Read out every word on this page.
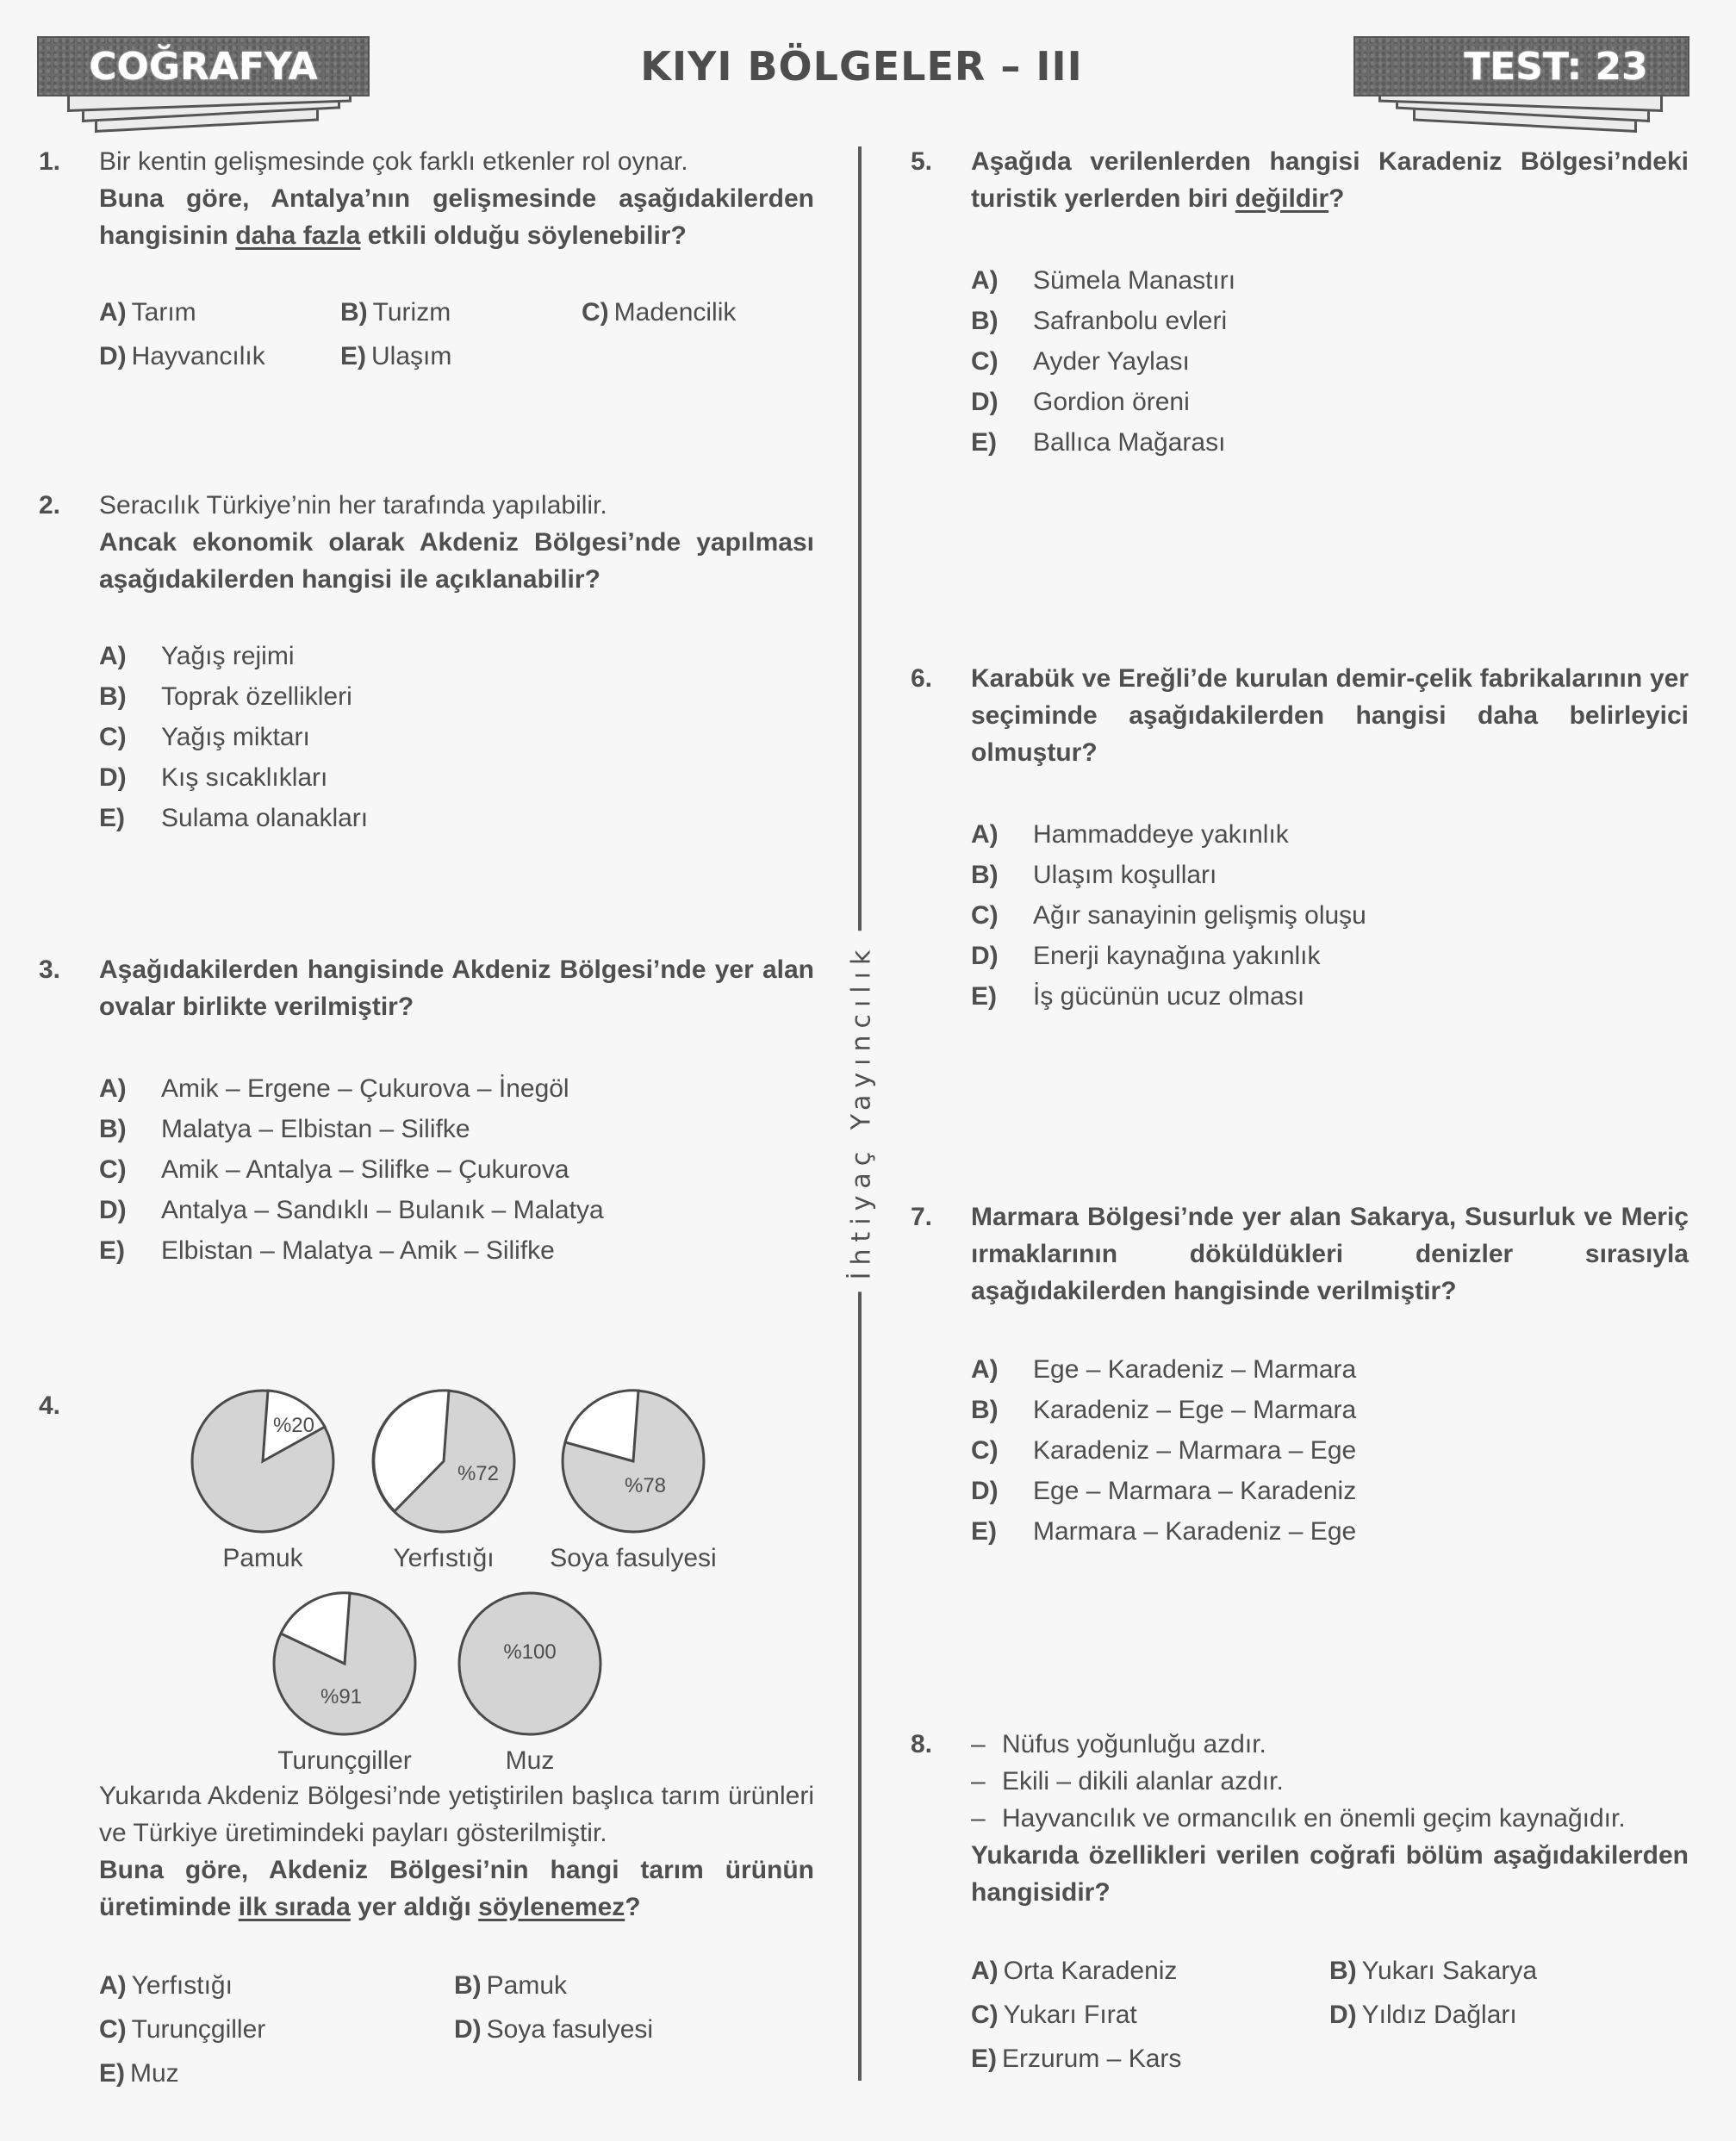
COĞRAFYA	KIYI BÖLGELER – III	TEST: 23
İhtiyaç Yayıncılık
1. Bir kentin gelişmesinde çok farklı etkenler rol oynar.
Buna göre, Antalya’nın gelişmesinde aşağıdakilerden hangisinin daha fazla etkili olduğu söylenebilir?
A) Tarım	B) Turizm	C) Madencilik
D) Hayvancılık	E) Ulaşım
2. Seracılık Türkiye’nin her tarafında yapılabilir.
Ancak ekonomik olarak Akdeniz Bölgesi’nde yapılması aşağıdakilerden hangisi ile açıklanabilir?
A)	Yağış rejimi
B)	Toprak özellikleri
C)	Yağış miktarı
D)	Kış sıcaklıkları
E)	Sulama olanakları
3. Aşağıdakilerden hangisinde Akdeniz Bölgesi’nde yer alan ovalar birlikte verilmiştir?
A)	Amik – Ergene – Çukurova – İnegöl
B)	Malatya – Elbistan – Silifke
C)	Amik – Antalya – Silifke – Çukurova
D)	Antalya – Sandıklı – Bulanık – Malatya
E)	Elbistan – Malatya – Amik – Silifke
4.
%20
Pamuk
%72
Yerfıstığı
%78
Soya fasulyesi
%91
Turunçgiller
%100
Muz
Yukarıda Akdeniz Bölgesi’nde yetiştirilen başlıca tarım ürünleri ve Türkiye üretimindeki payları gösterilmiştir.
Buna göre, Akdeniz Bölgesi’nin hangi tarım ürünün üretiminde ilk sırada yer aldığı söylenemez?
A) Yerfıstığı	B) Pamuk
C) Turunçgiller	D) Soya fasulyesi
E) Muz
5. Aşağıda verilenlerden hangisi Karadeniz Bölgesi’ndeki turistik yerlerden biri değildir?
A)	Sümela Manastırı
B)	Safranbolu evleri
C)	Ayder Yaylası
D)	Gordion öreni
E)	Ballıca Mağarası
6. Karabük ve Ereğli’de kurulan demir-çelik fabrikalarının yer seçiminde aşağıdakilerden hangisi daha belirleyici olmuştur?
A)	Hammaddeye yakınlık
B)	Ulaşım koşulları
C)	Ağır sanayinin gelişmiş oluşu
D)	Enerji kaynağına yakınlık
E)	İş gücünün ucuz olması
7. Marmara Bölgesi’nde yer alan Sakarya, Susurluk ve Meriç ırmaklarının döküldükleri denizler sırasıyla aşağıdakilerden hangisinde verilmiştir?
A)	Ege – Karadeniz – Marmara
B)	Karadeniz – Ege – Marmara
C)	Karadeniz – Marmara – Ege
D)	Ege – Marmara – Karadeniz
E)	Marmara – Karadeniz – Ege
8. – Nüfus yoğunluğu azdır.
– Ekili – dikili alanlar azdır.
– Hayvancılık ve ormancılık en önemli geçim kaynağıdır.
Yukarıda özellikleri verilen coğrafi bölüm aşağıdakilerden hangisidir?
A) Orta Karadeniz	B) Yukarı Sakarya
C) Yukarı Fırat	D) Yıldız Dağları
E) Erzurum – Kars
